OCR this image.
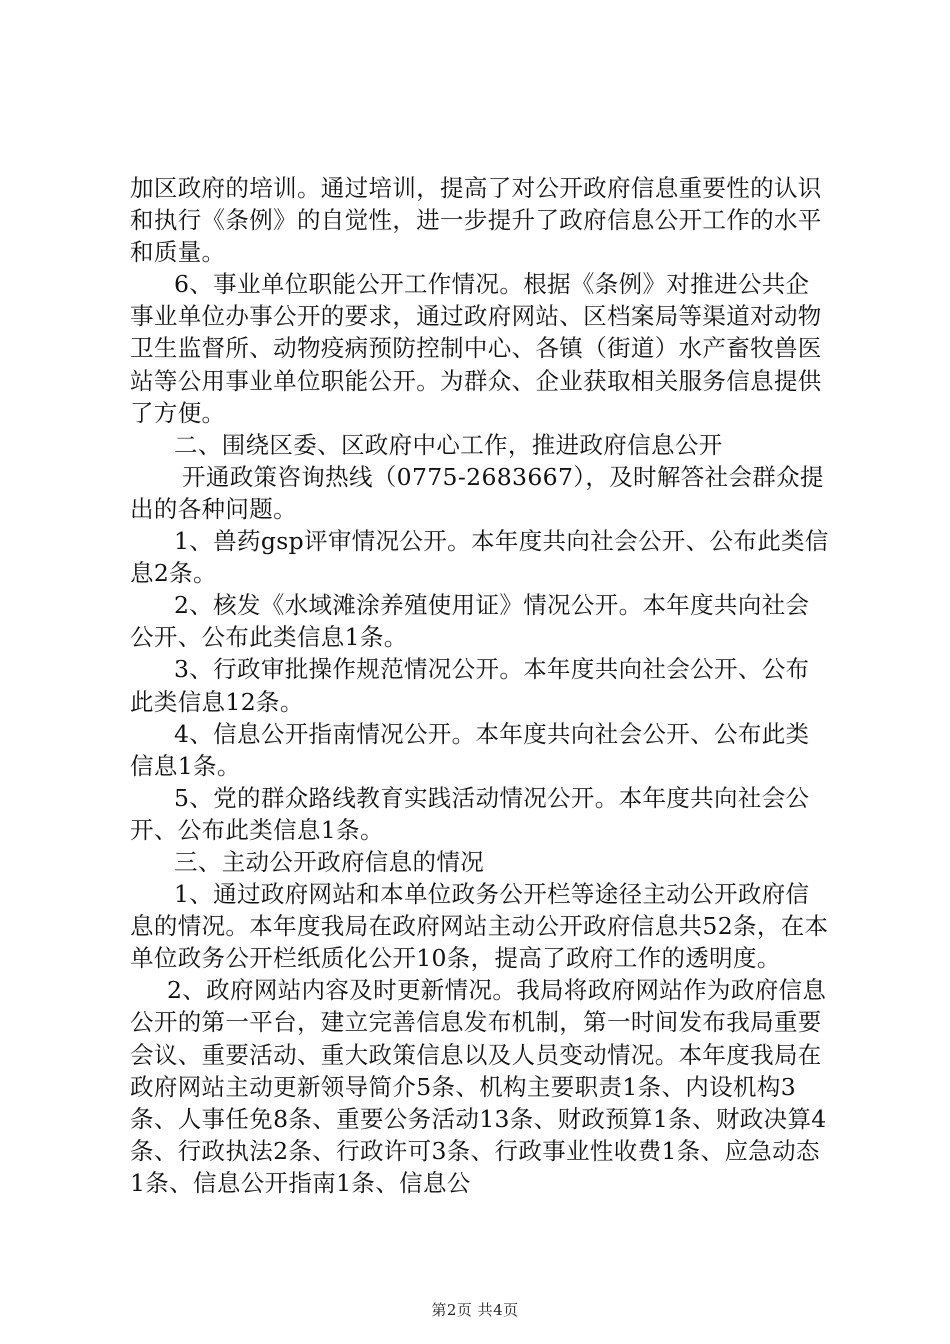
加区政府的培训。通过培训，提高了对公开政府信息重要性的认识和执行《条例》的自觉性，进一步提升了政府信息公开工作的水平和质量。

6、事业单位职能公开工作情况。根据《条例》对推进公共企事业单位办事公开的要求，通过政府网站、区档案局等渠道对动物卫生监督所、动物疫病预防控制中心、各镇（街道）水产畜牧兽医站等公用事业单位职能公开。为群众、企业获取相关服务信息提供了方便。

二、围绕区委、区政府中心工作，推进政府信息公开

开通政策咨询热线（0775-2683667），及时解答社会群众提出的各种问题。

1、兽药gsp评审情况公开。本年度共向社会公开、公布此类信息2条。

2、核发《水域滩涂养殖使用证》情况公开。本年度共向社会公开、公布此类信息1条。

3、行政审批操作规范情况公开。本年度共向社会公开、公布此类信息12条。

4、信息公开指南情况公开。本年度共向社会公开、公布此类信息1条。

5、党的群众路线教育实践活动情况公开。本年度共向社会公开、公布此类信息1条。

三、主动公开政府信息的情况

1、通过政府网站和本单位政务公开栏等途径主动公开政府信息的情况。本年度我局在政府网站主动公开政府信息共52条，在本单位政务公开栏纸质化公开10条，提高了政府工作的透明度。

2、政府网站内容及时更新情况。我局将政府网站作为政府信息公开的第一平台，建立完善信息发布机制，第一时间发布我局重要会议、重要活动、重大政策信息以及人员变动情况。本年度我局在政府网站主动更新领导简介5条、机构主要职责1条、内设机构3条、人事任免8条、重要公务活动13条、财政预算1条、财政决算4条、行政执法2条、行政许可3条、行政事业性收费1条、应急动态1条、信息公开指南1条、信息公

第2页 共4页
